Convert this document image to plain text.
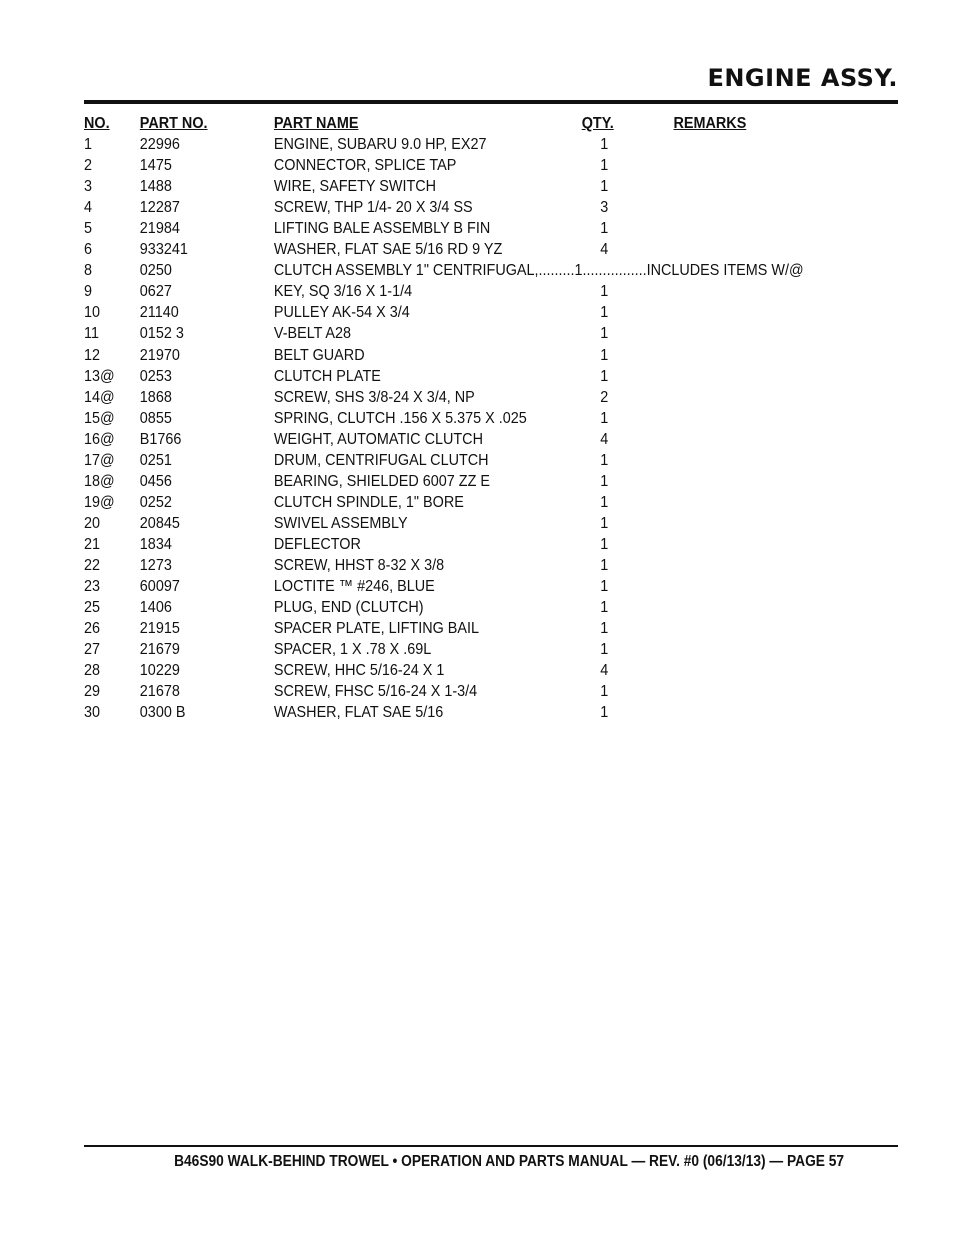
ENGINE ASSY.
NO. PART NO.	PART NAME	QTY.	REMARKS
1	22996	ENGINE, SUBARU 9.0 HP, EX27	1
2	1475	CONNECTOR, SPLICE TAP	1
3	1488	WIRE, SAFETY SWITCH	1
4	12287	SCREW, THP 1/4- 20 X 3/4 SS	3
5	21984	LIFTING BALE ASSEMBLY B FIN	1
6	933241	WASHER, FLAT SAE 5/16 RD 9 YZ	4
8	0250	CLUTCH ASSEMBLY 1" CENTRIFUGAL,.........1................INCLUDES ITEMS W/@
9	0627	KEY, SQ 3/16 X 1-1/4	1
10 21140	PULLEY AK-54 X 3/4	1
11	0152 3	V-BELT A28	1
12 21970	BELT GUARD	1
13@ 0253	CLUTCH PLATE	1
14@ 1868	SCREW, SHS 3/8-24 X 3/4, NP	2
15@ 0855	SPRING, CLUTCH .156 X 5.375 X .025	1
16@ B1766	WEIGHT, AUTOMATIC CLUTCH	4
17@ 0251	DRUM, CENTRIFUGAL CLUTCH	1
18@ 0456	BEARING, SHIELDED 6007 ZZ E	1
19@ 0252	CLUTCH SPINDLE, 1" BORE	1
20 20845	SWIVEL ASSEMBLY	1
21 1834	DEFLECTOR	1
22 1273	SCREW, HHST 8-32 X 3/8	1
23 60097	LOCTITE ™ #246, BLUE	1
25 1406	PLUG, END (CLUTCH)	1
26 21915	SPACER PLATE, LIFTING BAIL	1
27 21679	SPACER, 1 X .78 X .69L	1
28 10229	SCREW, HHC 5/16-24 X 1	4
29 21678	SCREW, FHSC 5/16-24 X 1-3/4	1
30 0300 B	WASHER, FLAT SAE 5/16	1
B46S90 WALK-BEHIND TROWEL • OPERATION AND PARTS MANUAL — REV. #0 (06/13/13) — PAGE 57
